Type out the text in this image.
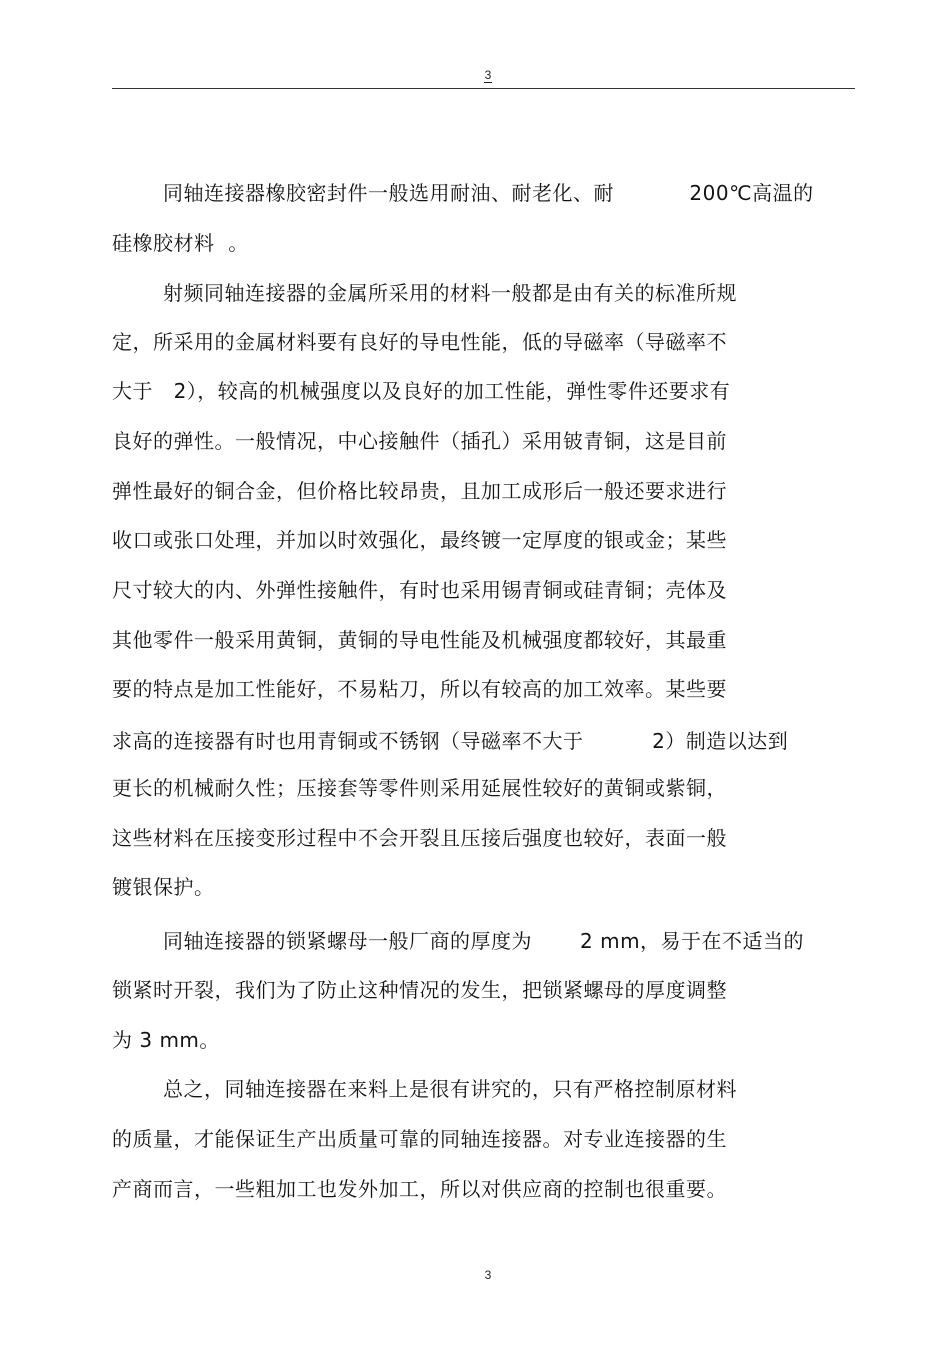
3
同轴连接器橡胶密封件一般选用耐油、耐老化、耐           200℃高温的
硅橡胶材料  。
射频同轴连接器的金属所采用的材料一般都是由有关的标准所规
定，所采用的金属材料要有良好的导电性能，低的导磁率（导磁率不
大于   2），较高的机械强度以及良好的加工性能，弹性零件还要求有
良好的弹性。一般情况，中心接触件（插孔）采用铍青铜，这是目前
弹性最好的铜合金，但价格比较昂贵，且加工成形后一般还要求进行
收口或张口处理，并加以时效强化，最终镀一定厚度的银或金；某些
尺寸较大的内、外弹性接触件，有时也采用锡青铜或硅青铜；壳体及
其他零件一般采用黄铜，黄铜的导电性能及机械强度都较好，其最重
要的特点是加工性能好，不易粘刀，所以有较高的加工效率。某些要
求高的连接器有时也用青铜或不锈钢（导磁率不大于          2）制造以达到
更长的机械耐久性；压接套等零件则采用延展性较好的黄铜或紫铜，
这些材料在压接变形过程中不会开裂且压接后强度也较好，表面一般
镀银保护。
同轴连接器的锁紧螺母一般厂商的厚度为       2 mm，易于在不适当的
锁紧时开裂，我们为了防止这种情况的发生，把锁紧螺母的厚度调整
为 3 mm。
总之，同轴连接器在来料上是很有讲究的，只有严格控制原材料
的质量，才能保证生产出质量可靠的同轴连接器。对专业连接器的生
产商而言，一些粗加工也发外加工，所以对供应商的控制也很重要。
3
